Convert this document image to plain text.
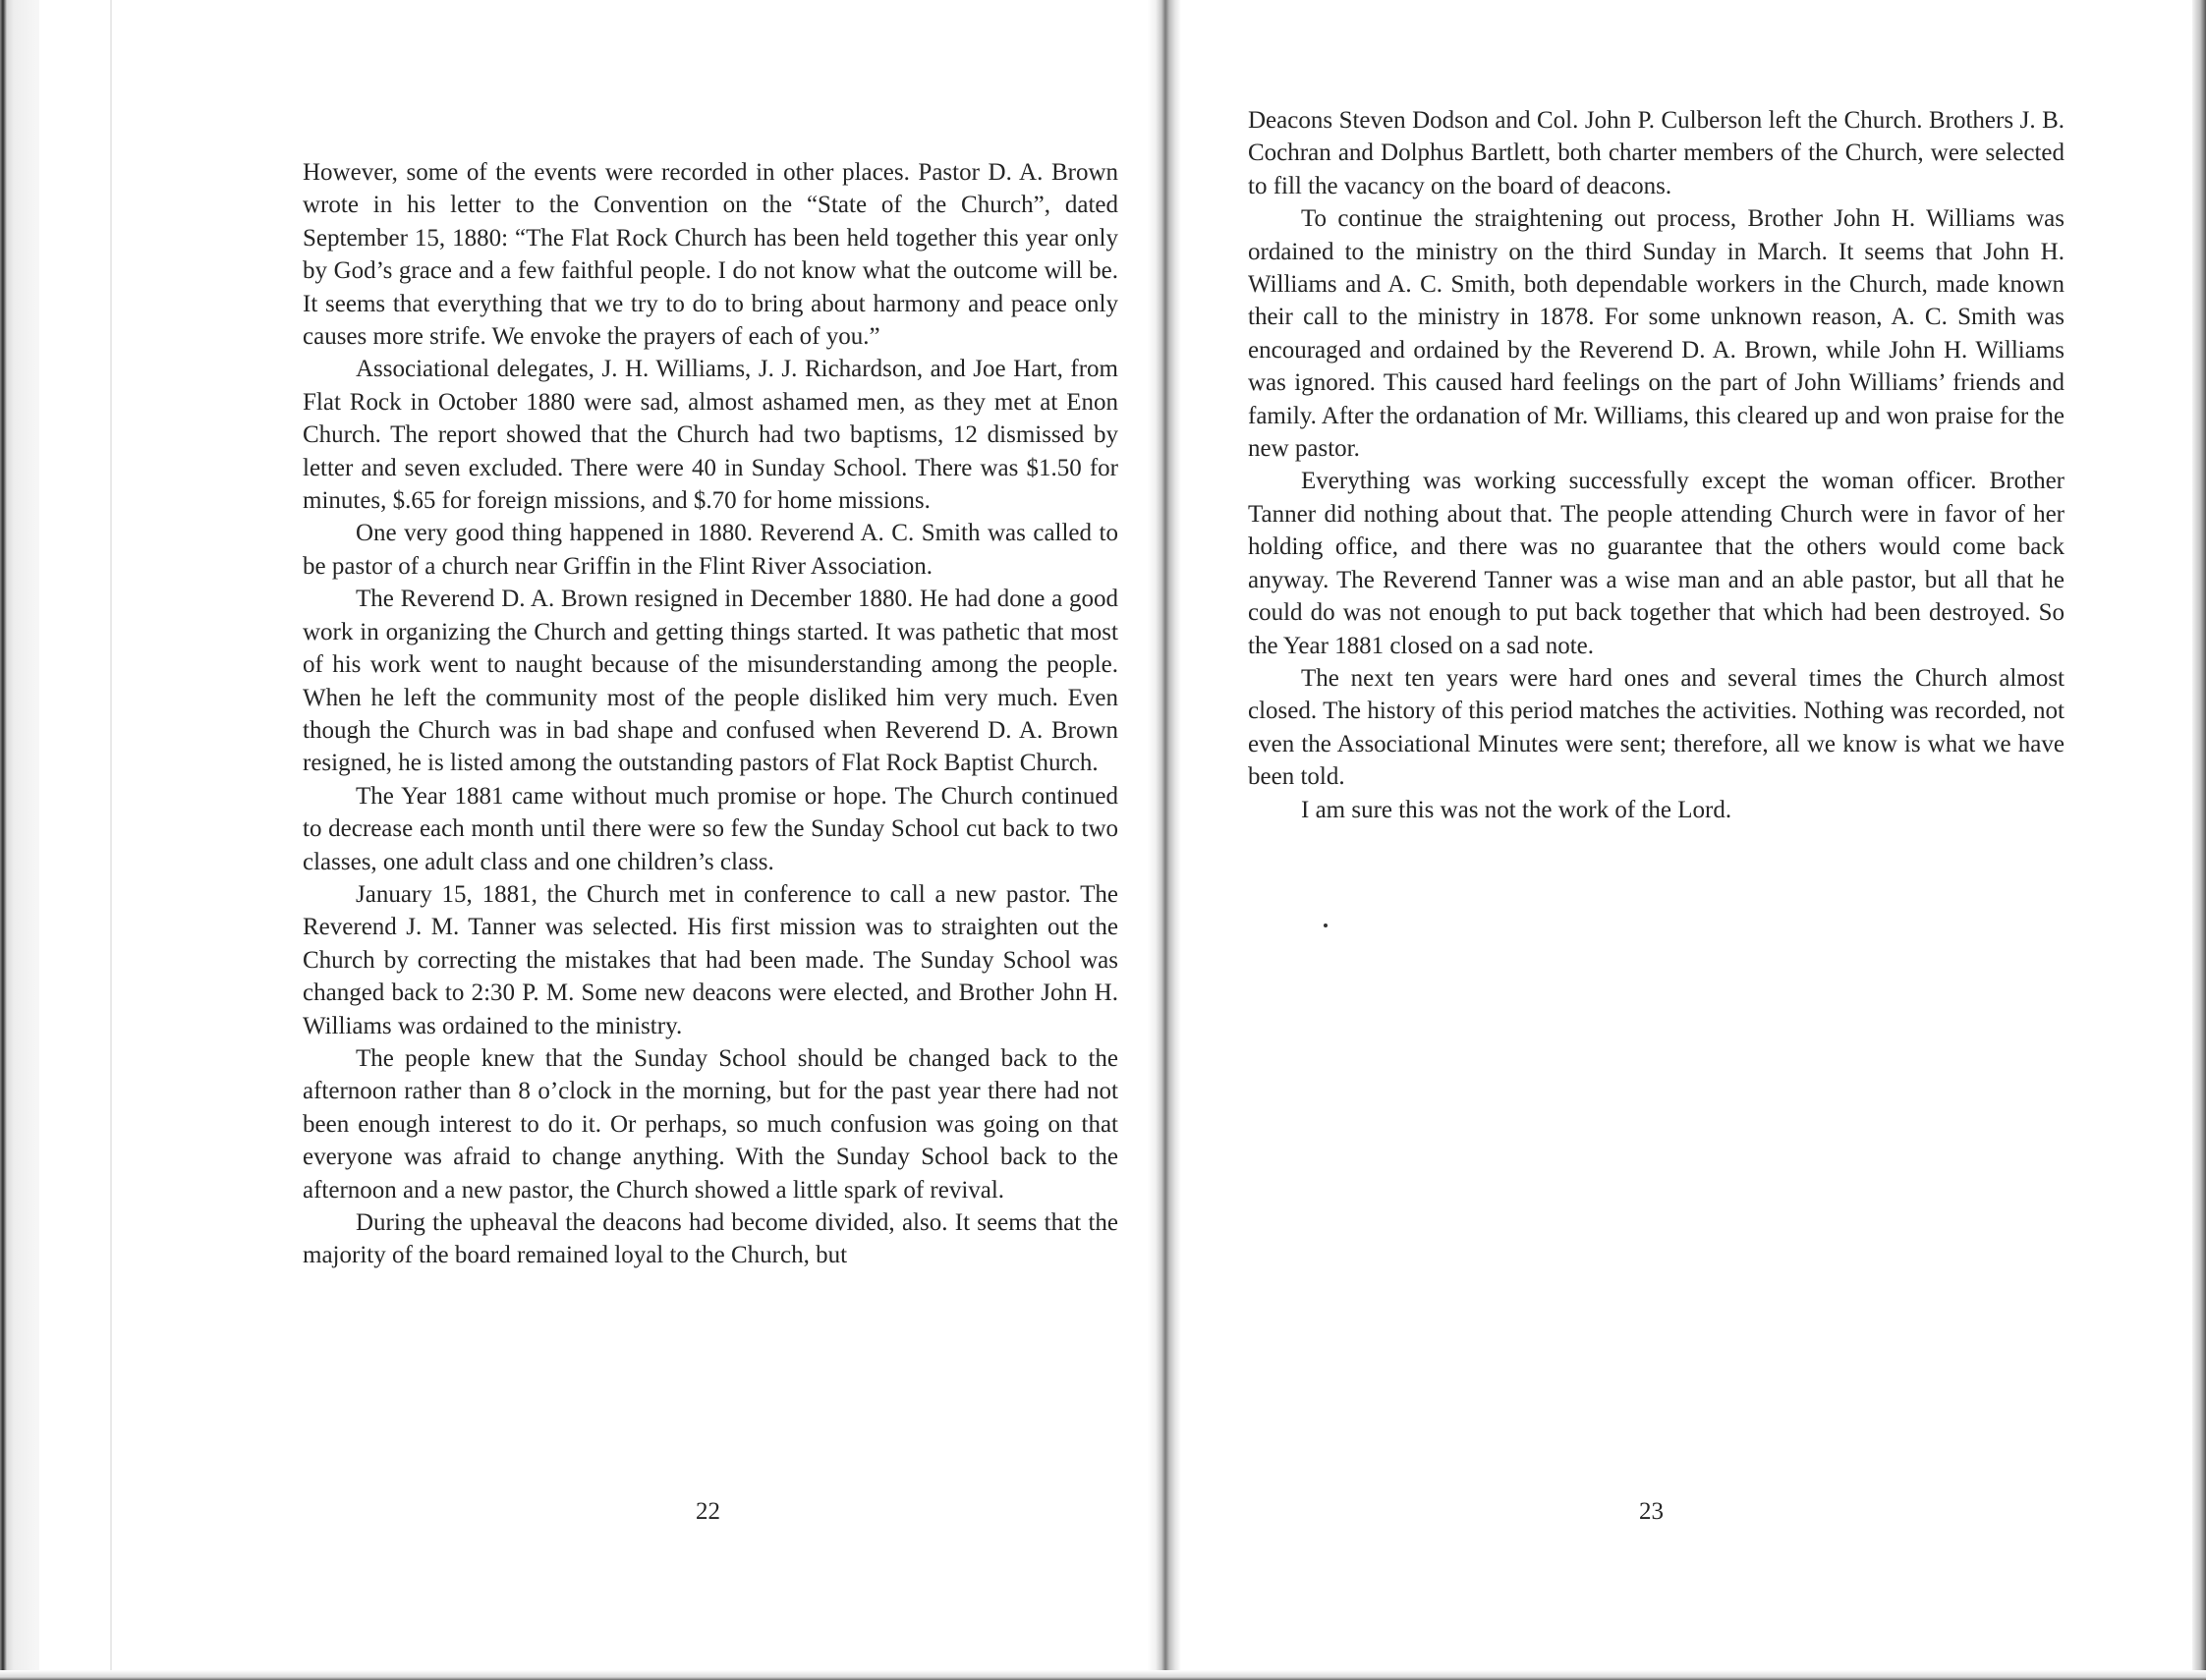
However, some of the events were recorded in other places. Pastor D. A. Brown wrote in his letter to the Convention on the “State of the Church”, dated September 15, 1880: “The Flat Rock Church has been held together this year only by God’s grace and a few faithful people. I do not know what the outcome will be. It seems that everything that we try to do to bring about harmony and peace only causes more strife. We envoke the prayers of each of you.”

Associational delegates, J. H. Williams, J. J. Richardson, and Joe Hart, from Flat Rock in October 1880 were sad, almost ashamed men, as they met at Enon Church. The report showed that the Church had two baptisms, 12 dismissed by letter and seven excluded. There were 40 in Sunday School. There was $1.50 for minutes, $.65 for foreign missions, and $.70 for home missions.

One very good thing happened in 1880. Reverend A. C. Smith was called to be pastor of a church near Griffin in the Flint River Association.

The Reverend D. A. Brown resigned in December 1880. He had done a good work in organizing the Church and getting things started. It was pathetic that most of his work went to naught because of the misunderstanding among the people. When he left the community most of the people disliked him very much. Even though the Church was in bad shape and confused when Reverend D. A. Brown resigned, he is listed among the outstanding pastors of Flat Rock Baptist Church.

The Year 1881 came without much promise or hope. The Church continued to decrease each month until there were so few the Sunday School cut back to two classes, one adult class and one children’s class.

January 15, 1881, the Church met in conference to call a new pastor. The Reverend J. M. Tanner was selected. His first mission was to straighten out the Church by correcting the mistakes that had been made. The Sunday School was changed back to 2:30 P. M. Some new deacons were elected, and Brother John H. Williams was ordained to the ministry.

The people knew that the Sunday School should be changed back to the afternoon rather than 8 o’clock in the morning, but for the past year there had not been enough interest to do it. Or perhaps, so much confusion was going on that everyone was afraid to change anything. With the Sunday School back to the afternoon and a new pastor, the Church showed a little spark of revival.

During the upheaval the deacons had become divided, also. It seems that the majority of the board remained loyal to the Church, but

22

Deacons Steven Dodson and Col. John P. Culberson left the Church. Brothers J. B. Cochran and Dolphus Bartlett, both charter members of the Church, were selected to fill the vacancy on the board of deacons.

To continue the straightening out process, Brother John H. Williams was ordained to the ministry on the third Sunday in March. It seems that John H. Williams and A. C. Smith, both dependable workers in the Church, made known their call to the ministry in 1878. For some unknown reason, A. C. Smith was encouraged and ordained by the Reverend D. A. Brown, while John H. Williams was ignored. This caused hard feelings on the part of John Williams’ friends and family. After the ordanation of Mr. Williams, this cleared up and won praise for the new pastor.

Everything was working successfully except the woman officer. Brother Tanner did nothing about that. The people attending Church were in favor of her holding office, and there was no guarantee that the others would come back anyway. The Reverend Tanner was a wise man and an able pastor, but all that he could do was not enough to put back together that which had been destroyed. So the Year 1881 closed on a sad note.

The next ten years were hard ones and several times the Church almost closed. The history of this period matches the activities. Nothing was recorded, not even the Associational Minutes were sent; therefore, all we know is what we have been told.

I am sure this was not the work of the Lord.

23
